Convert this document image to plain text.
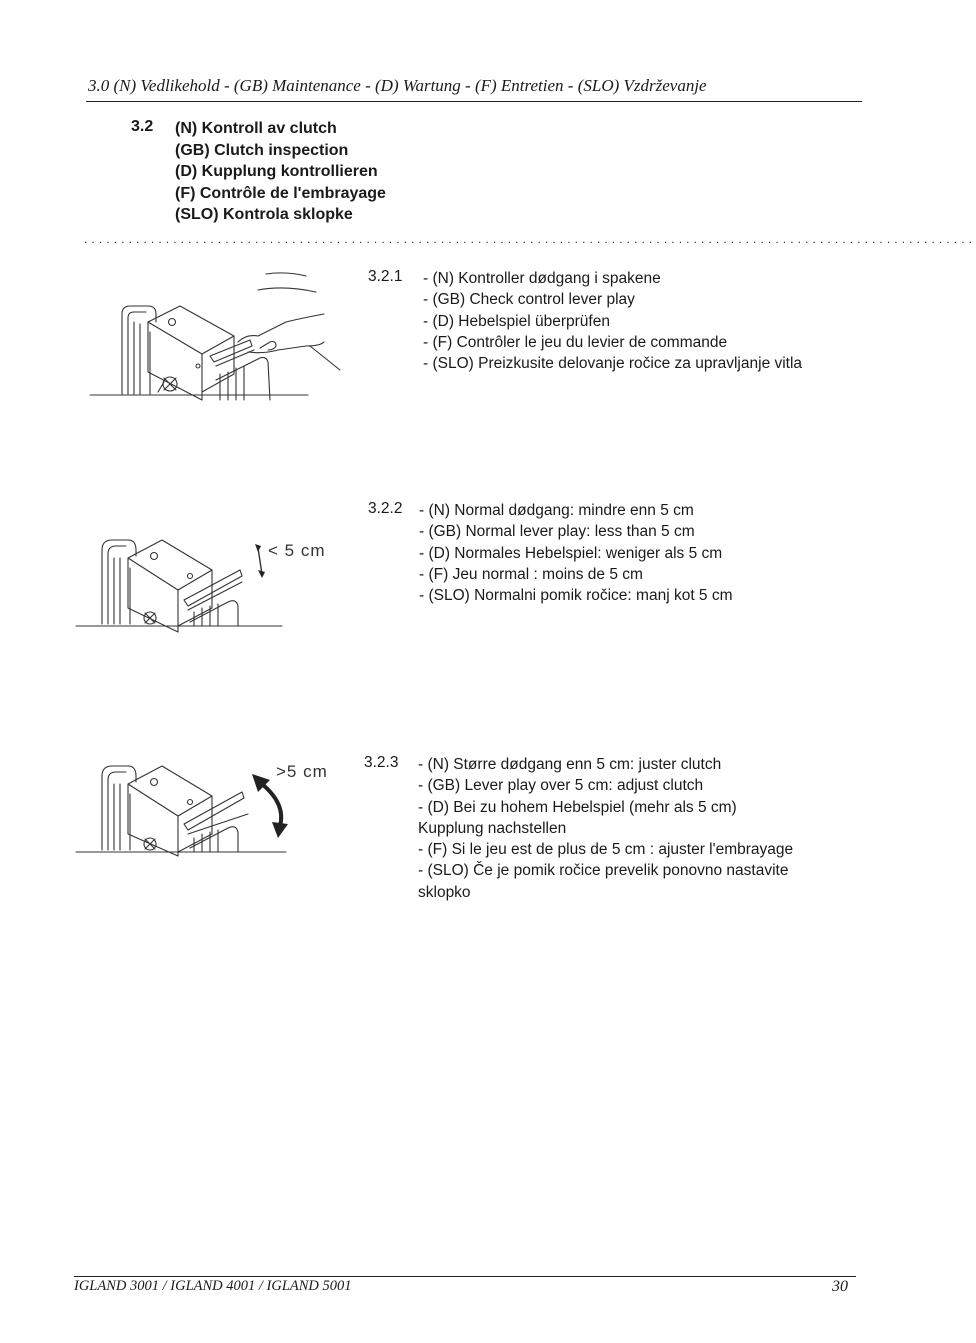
3.0 (N) Vedlikehold - (GB) Maintenance - (D) Wartung - (F) Entretien - (SLO) Vzdrževanje
3.2 (N) Kontroll av clutch
(GB) Clutch inspection
(D) Kupplung kontrollieren
(F) Contrôle de l'embrayage
(SLO) Kontrola sklopke
........................................................................................................................
< 5 cm
>5 cm
3.2.1 - (N) Kontroller dødgang i spakene
- (GB) Check control lever play
- (D) Hebelspiel überprüfen
- (F) Contrôler le jeu du levier de commande
- (SLO) Preizkusite delovanje ročice za upravljanje vitla
3.2.2 - (N) Normal dødgang: mindre enn 5 cm
- (GB) Normal lever play: less than 5 cm
- (D) Normales Hebelspiel: weniger als 5 cm
- (F) Jeu normal : moins de 5 cm
- (SLO) Normalni pomik ročice: manj kot 5 cm
3.2.3 - (N) Større dødgang enn 5 cm: juster clutch
- (GB) Lever play over 5 cm: adjust clutch
- (D) Bei zu hohem Hebelspiel (mehr als 5 cm)
Kupplung nachstellen
- (F) Si le jeu est de plus de 5 cm : ajuster l'embrayage
- (SLO) Če je pomik ročice prevelik ponovno nastavite
sklopko
IGLAND 3001 / IGLAND 4001 / IGLAND 5001	30
